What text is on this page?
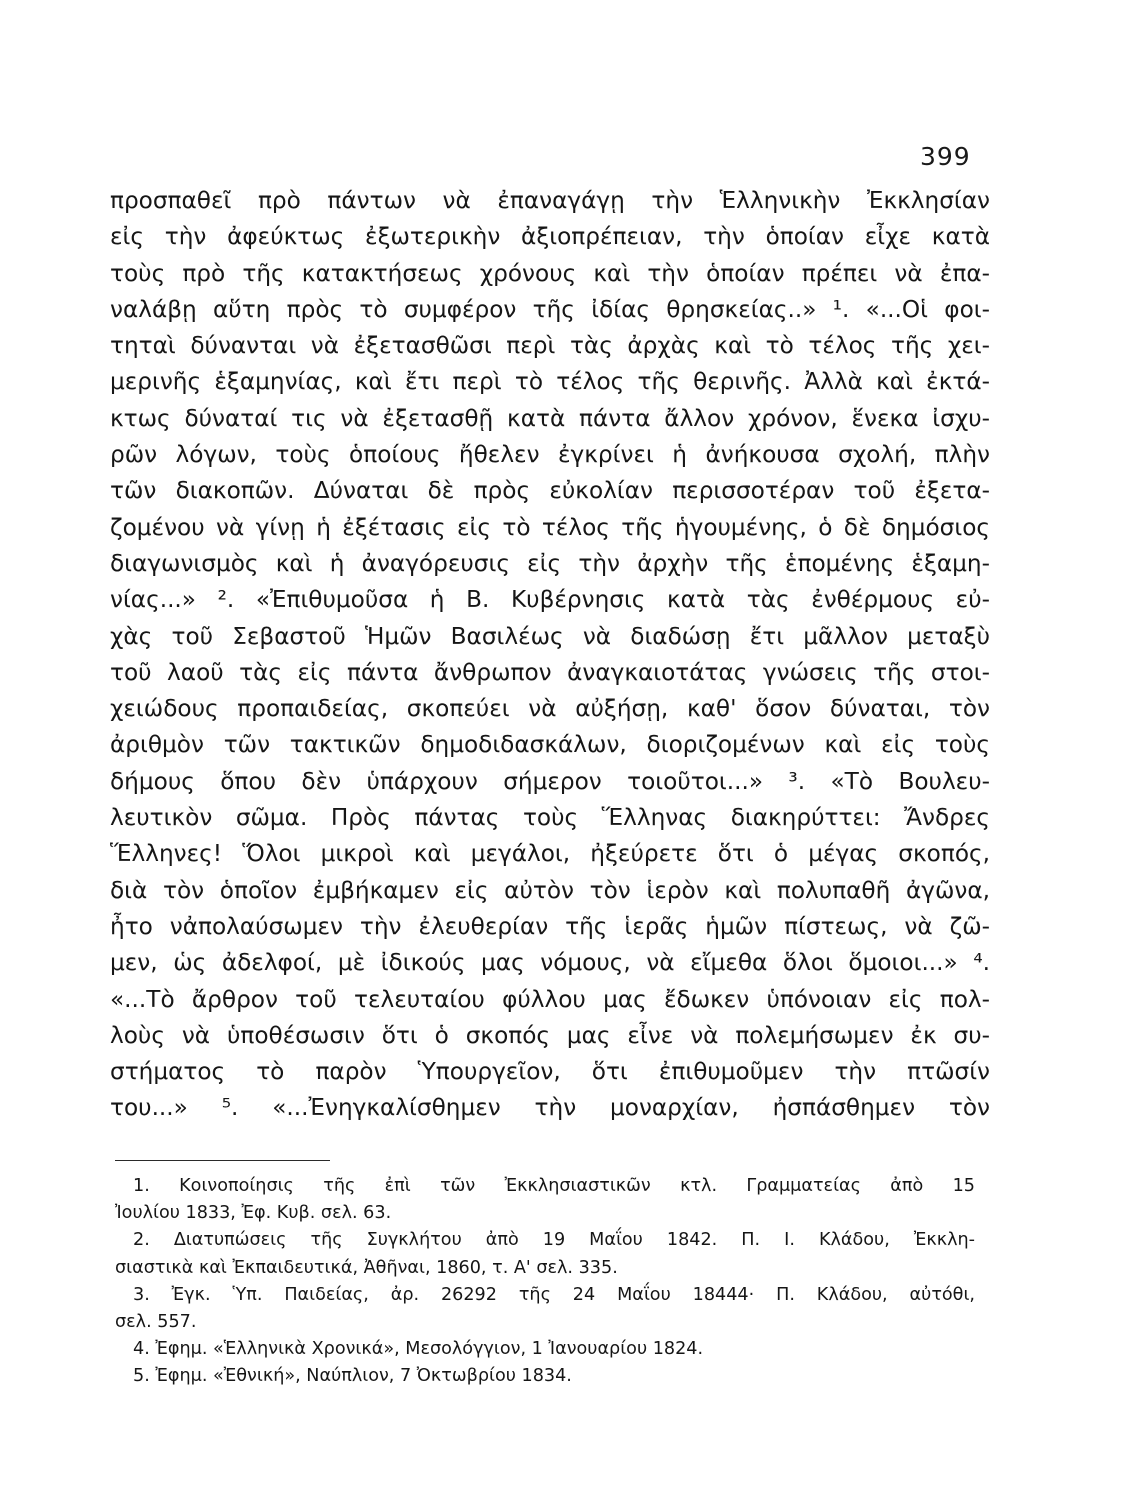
399
προσπαθεῖ πρὸ πάντων νὰ ἐπαναγάγῃ τὴν Ἑλληνικὴν Ἐκκλησίαν
εἰς τὴν ἀφεύκτως ἐξωτερικὴν ἀξιοπρέπειαν, τὴν ὁποίαν εἶχε κατὰ
τοὺς πρὸ τῆς κατακτήσεως χρόνους καὶ τὴν ὁποίαν πρέπει νὰ ἐπα-
ναλάβῃ αὕτη πρὸς τὸ συμφέρον τῆς ἰδίας θρησκείας..» ¹. «...Οἱ φοι-
τηταὶ δύνανται νὰ ἐξετασθῶσι περὶ τὰς ἀρχὰς καὶ τὸ τέλος τῆς χει-
μερινῆς ἑξαμηνίας, καὶ ἔτι περὶ τὸ τέλος τῆς θερινῆς. Ἀλλὰ καὶ ἐκτά-
κτως δύναταί τις νὰ ἐξετασθῇ κατὰ πάντα ἄλλον χρόνον, ἕνεκα ἰσχυ-
ρῶν λόγων, τοὺς ὁποίους ἤθελεν ἐγκρίνει ἡ ἀνήκουσα σχολή, πλὴν
τῶν διακοπῶν. Δύναται δὲ πρὸς εὐκολίαν περισσοτέραν τοῦ ἐξετα-
ζομένου νὰ γίνῃ ἡ ἐξέτασις εἰς τὸ τέλος τῆς ἡγουμένης, ὁ δὲ δημόσιος
διαγωνισμὸς καὶ ἡ ἀναγόρευσις εἰς τὴν ἀρχὴν τῆς ἑπομένης ἑξαμη-
νίας...» ². «Ἐπιθυμοῦσα ἡ Β. Κυβέρνησις κατὰ τὰς ἐνθέρμους εὐ-
χὰς τοῦ Σεβαστοῦ Ἡμῶν Βασιλέως νὰ διαδώσῃ ἔτι μᾶλλον μεταξὺ
τοῦ λαοῦ τὰς εἰς πάντα ἄνθρωπον ἀναγκαιοτάτας γνώσεις τῆς στοι-
χειώδους προπαιδείας, σκοπεύει νὰ αὐξήσῃ, καθ' ὅσον δύναται, τὸν
ἀριθμὸν τῶν τακτικῶν δημοδιδασκάλων, διοριζομένων καὶ εἰς τοὺς
δήμους ὅπου δὲν ὑπάρχουν σήμερον τοιοῦτοι...» ³. «Τὸ Βουλευ-
λευτικὸν σῶμα. Πρὸς πάντας τοὺς Ἕλληνας διακηρύττει: Ἄνδρες
Ἕλληνες! Ὅλοι μικροὶ καὶ μεγάλοι, ἠξεύρετε ὅτι ὁ μέγας σκοπός,
διὰ τὸν ὁποῖον ἐμβήκαμεν εἰς αὐτὸν τὸν ἱερὸν καὶ πολυπαθῆ ἀγῶνα,
ἦτο νἀπολαύσωμεν τὴν ἐλευθερίαν τῆς ἱερᾶς ἡμῶν πίστεως, νὰ ζῶ-
μεν, ὡς ἀδελφοί, μὲ ἰδικούς μας νόμους, νὰ εἴμεθα ὅλοι ὅμοιοι...» ⁴.
«...Τὸ ἄρθρον τοῦ τελευταίου φύλλου μας ἔδωκεν ὑπόνοιαν εἰς πολ-
λοὺς νὰ ὑποθέσωσιν ὅτι ὁ σκοπός μας εἶνε νὰ πολεμήσωμεν ἐκ συ-
στήματος τὸ παρὸν Ὑπουργεῖον, ὅτι ἐπιθυμοῦμεν τὴν πτῶσίν
του...» ⁵. «...Ἐνηγκαλίσθημεν τὴν μοναρχίαν, ἠσπάσθημεν τὸν
1. Κοινοποίησις τῆς ἐπὶ τῶν Ἐκκλησιαστικῶν κτλ. Γραμματείας ἀπὸ 15
Ἰουλίου 1833, Ἐφ. Κυβ. σελ. 63.
2. Διατυπώσεις τῆς Συγκλήτου ἀπὸ 19 Μαΐου 1842. Π. Ι. Κλάδου, Ἐκκλη-
σιαστικὰ καὶ Ἐκπαιδευτικά, Ἀθῆναι, 1860, τ. Α' σελ. 335.
3. Ἐγκ. Ὑπ. Παιδείας, ἀρ. 26292 τῆς 24 Μαΐου 18444· Π. Κλάδου, αὐτόθι,
σελ. 557.
4. Ἐφημ. «Ἑλληνικὰ Χρονικά», Μεσολόγγιον, 1 Ἰανουαρίου 1824.
5. Ἐφημ. «Ἐθνική», Ναύπλιον, 7 Ὀκτωβρίου 1834.
